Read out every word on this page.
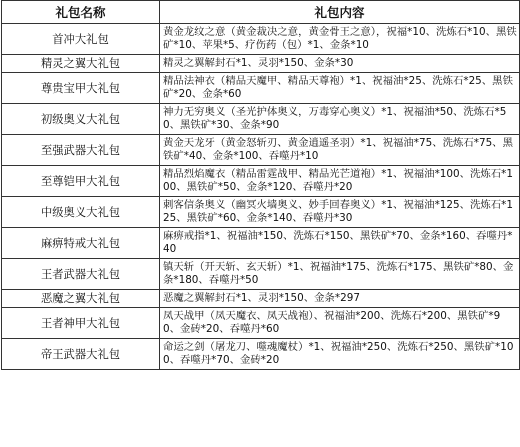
礼包名称	礼包内容
首冲大礼包	黄金龙纹之意（黄金裁决之意，黄金骨王之意），祝福*10、洗炼石*10、黑铁矿*10、苹果*5、疗伤药（包）*1、金条*10
精灵之翼大礼包	精灵之翼解封石*1、灵羽*150、金条*30
尊贵宝甲大礼包	精品法神衣（精品天魔甲、精品天尊袍）*1、祝福油*25、洗炼石*25、黑铁矿*20、金条*60
初级奥义大礼包	神力无穷奥义（圣光护体奥义，万毒穿心奥义）*1、祝福油*50、洗炼石*50、黑铁矿*30、金条*90
至强武器大礼包	黄金天龙牙（黄金怒斩刃、黄金逍遥圣羽）*1、祝福油*75、洗炼石*75、黑铁矿*40、金条*100、吞噬丹*10
至尊铠甲大礼包	精品烈焰魔衣（精品雷霆战甲、精品光芒道袍）*1、祝福油*100、洗炼石*100、黑铁矿*50、金条*120、吞噬丹*20
中级奥义大礼包	刺客信条奥义（幽冥火墙奥义、妙手回春奥义）*1、祝福油*125、洗炼石*125、黑铁矿*60、金条*140、吞噬丹*30
麻痹特戒大礼包	麻痹戒指*1、祝福油*150、洗炼石*150、黑铁矿*70、金条*160、吞噬丹*40
王者武器大礼包	镇天斩（开天斩、玄天斩）*1、祝福油*175、洗炼石*175、黑铁矿*80、金条*180、吞噬丹*50
恶魔之翼大礼包	恶魔之翼解封石*1、灵羽*150、金条*297
王者神甲大礼包	凤天战甲（凤天魔衣、凤天战袍）、祝福油*200、洗炼石*200、黑铁矿*90、金砖*20、吞噬丹*60
帝王武器大礼包	命运之剑（屠龙刀、噬魂魔杖）*1、祝福油*250、洗炼石*250、黑铁矿*100、吞噬丹*70、金砖*20
